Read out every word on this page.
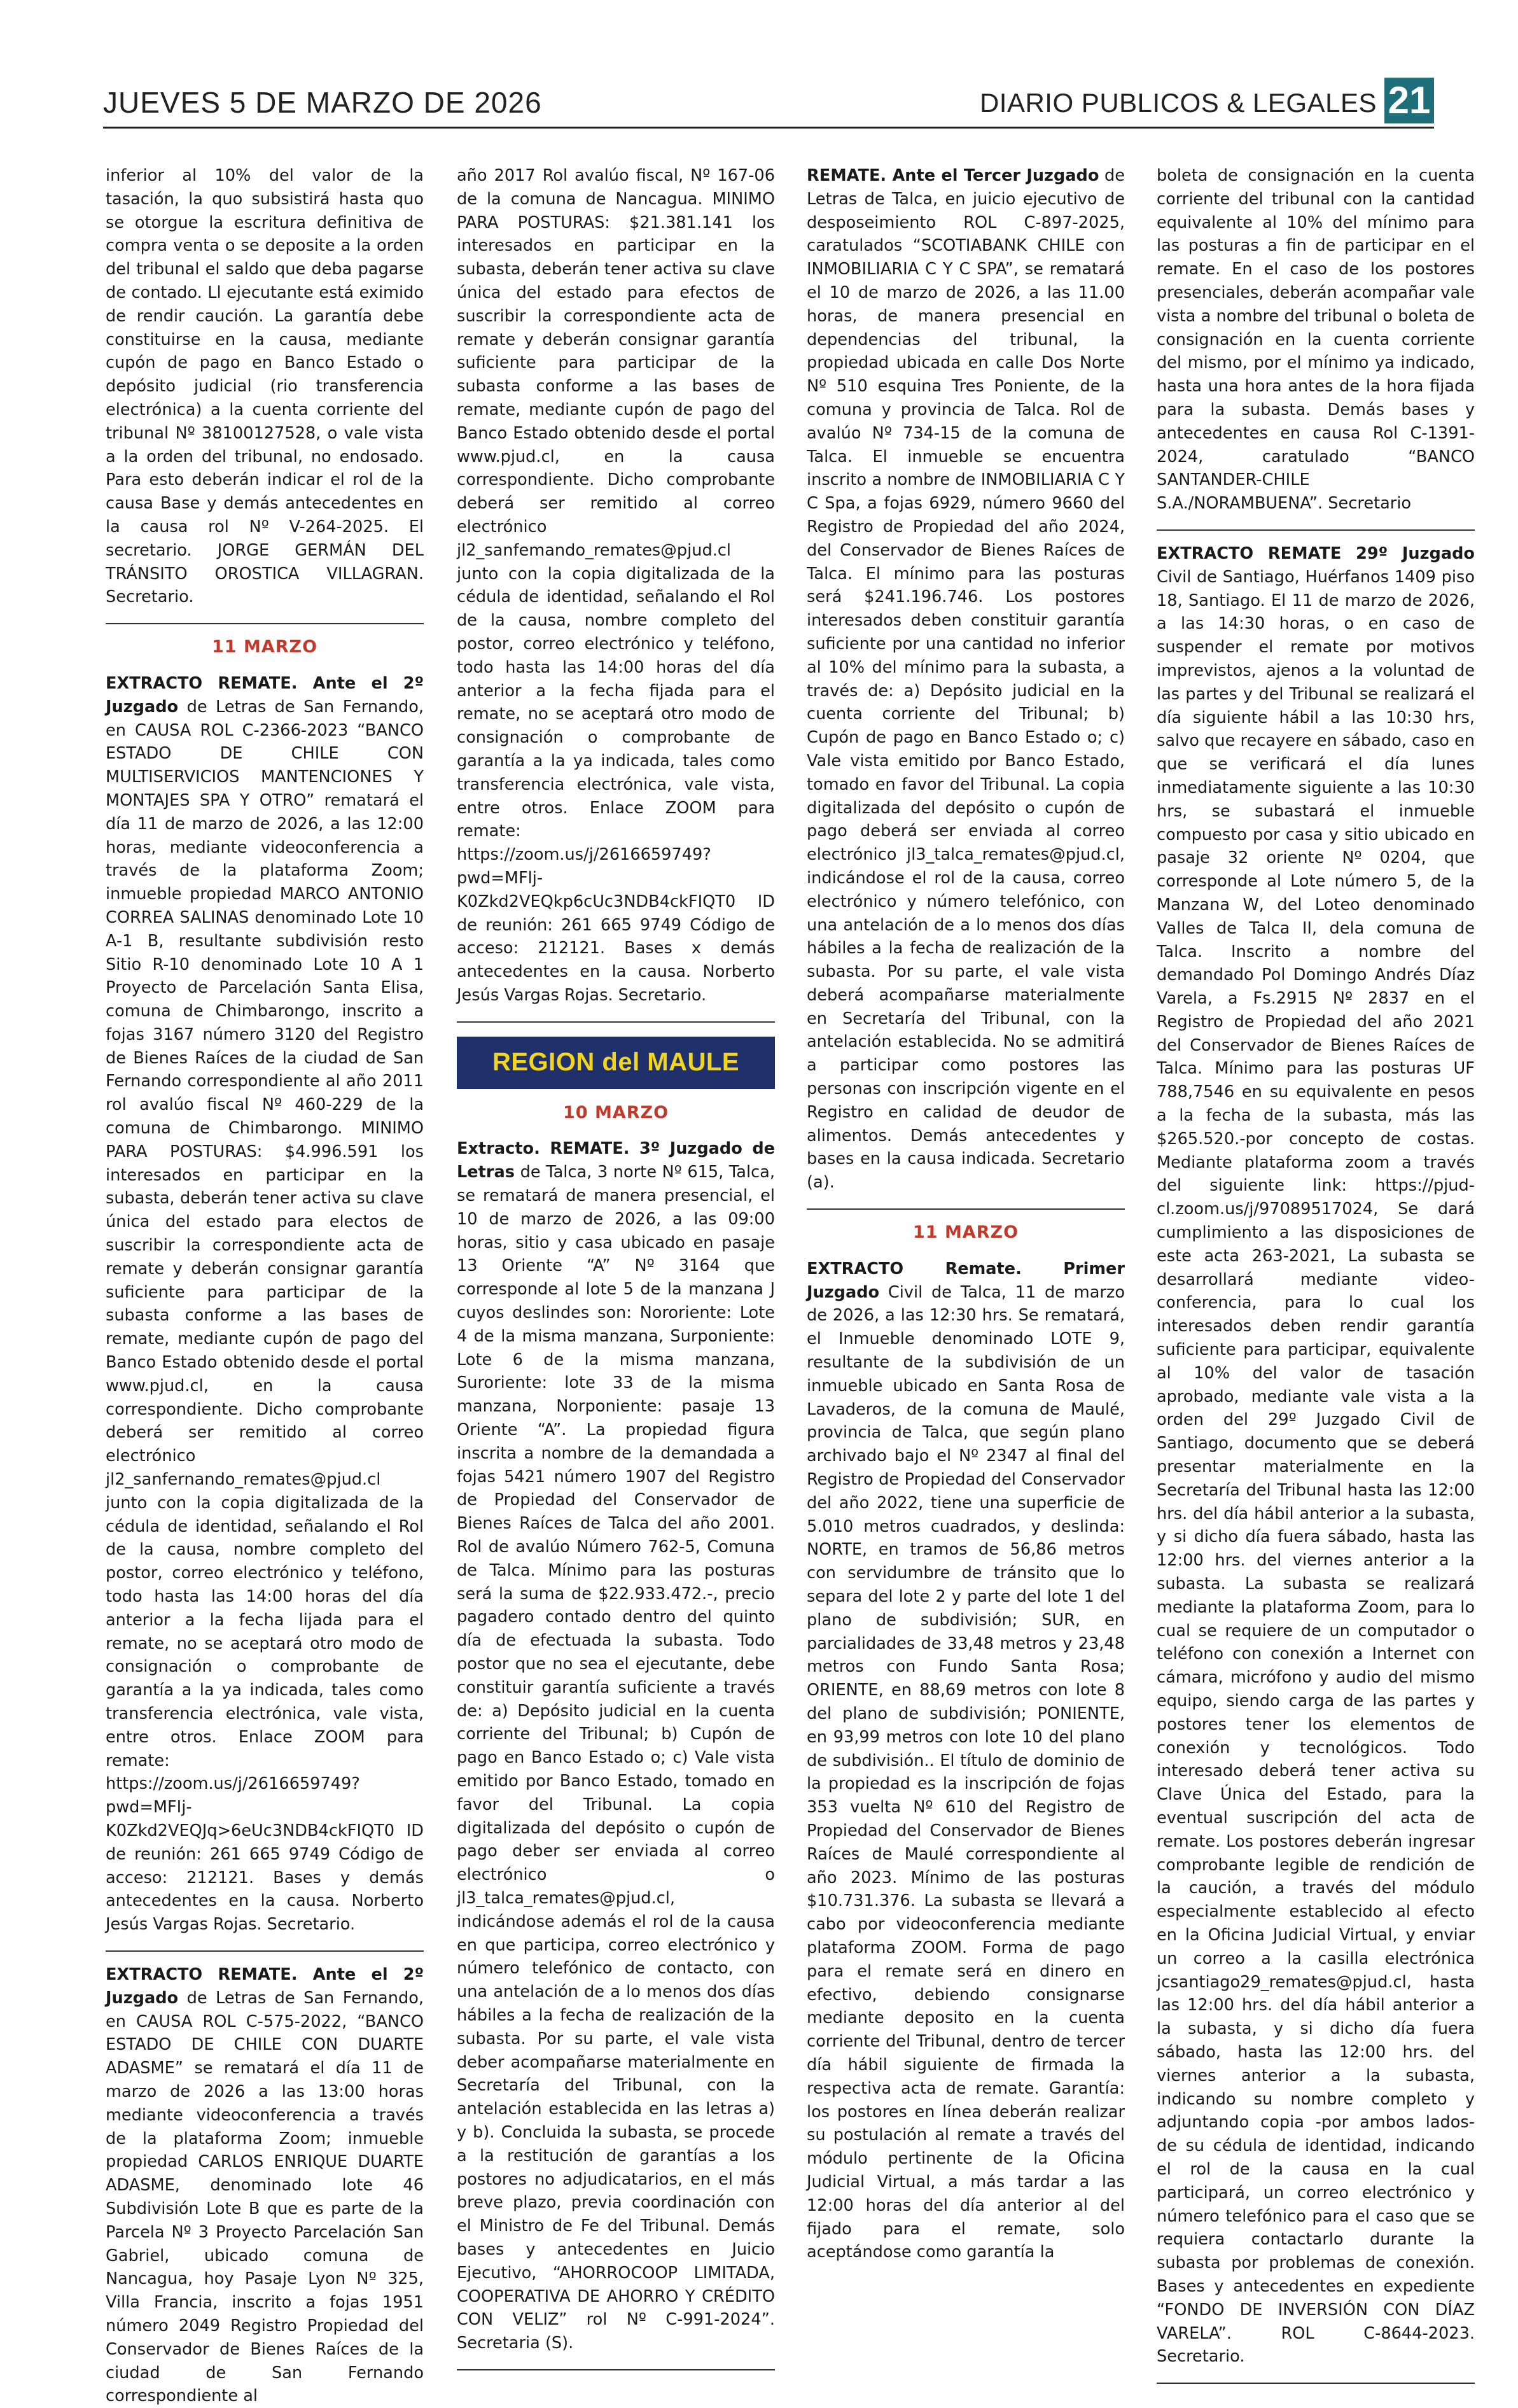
JUEVES 5 DE MARZO DE 2026	DIARIO PUBLICOS & LEGALES 21

inferior al 10% del valor de la tasación, la quo subsistirá hasta quo se otorgue la escritura definitiva de compra venta o se deposite a la orden del tribunal el saldo que deba pagarse de contado. Ll ejecutante está eximido de rendir caución. La garantía debe constituirse en la causa, mediante cupón de pago en Banco Estado o depósito judicial (rio transferencia electrónica) a la cuenta corriente del tribunal Nº 38100127528, o vale vista a la orden del tribunal, no endosado. Para esto deberán indicar el rol de la causa Base y demás antecedentes en la causa rol Nº V-264-2025. El secretario. JORGE GERMÁN DEL TRÁNSITO OROSTICA VILLAGRAN. Secretario.

11 MARZO

EXTRACTO REMATE. Ante el 2º Juzgado de Letras de San Fernando, en CAUSA ROL C-2366-2023 “BANCO ESTADO DE CHILE CON MULTISERVICIOS MANTENCIONES Y MONTAJES SPA Y OTRO” rematará el día 11 de marzo de 2026, a las 12:00 horas, mediante videoconferencia a través de la plataforma Zoom; inmueble propiedad MARCO ANTONIO CORREA SALINAS denominado Lote 10 A-1 B, resultante subdivisión resto Sitio R-10 denominado Lote 10 A 1 Proyecto de Parcelación Santa Elisa, comuna de Chimbarongo, inscrito a fojas 3167 número 3120 del Registro de Bienes Raíces de la ciudad de San Fernando correspondiente al año 2011 rol avalúo fiscal Nº 460-229 de la comuna de Chimbarongo. MINIMO PARA POSTURAS: $4.996.591 los interesados en participar en la subasta, deberán tener activa su clave única del estado para electos de suscribir la correspondiente acta de remate y deberán consignar garantía suficiente para participar de la subasta conforme a las bases de remate, mediante cupón de pago del Banco Estado obtenido desde el portal www.pjud.cl, en la causa correspondiente. Dicho comprobante deberá ser remitido al correo electrónico jl2_sanfernando_remates@pjud.cl junto con la copia digitalizada de la cédula de identidad, señalando el Rol de la causa, nombre completo del postor, correo electrónico y teléfono, todo hasta las 14:00 horas del día anterior a la fecha lijada para el remate, no se aceptará otro modo de consignación o comprobante de garantía a la ya indicada, tales como transferencia electrónica, vale vista, entre otros. Enlace ZOOM para remate: https://zoom.us/j/2616659749?pwd=MFIj-K0Zkd2VEQJq>6eUc3NDB4ckFIQT0 ID de reunión: 261 665 9749 Código de acceso: 212121. Bases y demás antecedentes en la causa. Norberto Jesús Vargas Rojas. Secretario.

EXTRACTO REMATE. Ante el 2º Juzgado de Letras de San Fernando, en CAUSA ROL C-575-2022, “BANCO ESTADO DE CHILE CON DUARTE ADASME” se rematará el día 11 de marzo de 2026 a las 13:00 horas mediante videoconferencia a través de la plataforma Zoom; inmueble propiedad CARLOS ENRIQUE DUARTE ADASME, denominado lote 46 Subdivisión Lote B que es parte de la Parcela Nº 3 Proyecto Parcelación San Gabriel, ubicado comuna de Nancagua, hoy Pasaje Lyon Nº 325, Villa Francia, inscrito a fojas 1951 número 2049 Registro Propiedad del Conservador de Bienes Raíces de la ciudad de San Fernando correspondiente al

año 2017 Rol avalúo fiscal, Nº 167-06 de la comuna de Nancagua. MINIMO PARA POSTURAS: $21.381.141 los interesados en participar en la subasta, deberán tener activa su clave única del estado para efectos de suscribir la correspondiente acta de remate y deberán consignar garantía suficiente para participar de la subasta conforme a las bases de remate, mediante cupón de pago del Banco Estado obtenido desde el portal www.pjud.cl, en la causa correspondiente. Dicho comprobante deberá ser remitido al correo electrónico jl2_sanfemando_remates@pjud.cl junto con la copia digitalizada de la cédula de identidad, señalando el Rol de la causa, nombre completo del postor, correo electrónico y teléfono, todo hasta las 14:00 horas del día anterior a la fecha fijada para el remate, no se aceptará otro modo de consignación o comprobante de garantía a la ya indicada, tales como transferencia electrónica, vale vista, entre otros. Enlace ZOOM para remate: https://zoom.us/j/2616659749?pwd=MFlj-K0Zkd2VEQkp6cUc3NDB4ckFIQT0 ID de reunión: 261 665 9749 Código de acceso: 212121. Bases x demás antecedentes en la causa. Norberto Jesús Vargas Rojas. Secretario.

REGION del MAULE
10 MARZO

Extracto. REMATE. 3º Juzgado de Letras de Talca, 3 norte Nº 615, Talca, se rematará de manera presencial, el 10 de marzo de 2026, a las 09:00 horas, sitio y casa ubicado en pasaje 13 Oriente “A” Nº 3164 que corresponde al lote 5 de la manzana J cuyos deslindes son: Nororiente: Lote 4 de la misma manzana, Surponiente: Lote 6 de la misma manzana, Suroriente: lote 33 de la misma manzana, Norponiente: pasaje 13 Oriente “A”. La propiedad figura inscrita a nombre de la demandada a fojas 5421 número 1907 del Registro de Propiedad del Conservador de Bienes Raíces de Talca del año 2001. Rol de avalúo Número 762-5, Comuna de Talca. Mínimo para las posturas será la suma de $22.933.472.-, precio pagadero contado dentro del quinto día de efectuada la subasta. Todo postor que no sea el ejecutante, debe constituir garantía suficiente a través de: a) Depósito judicial en la cuenta corriente del Tribunal; b) Cupón de pago en Banco Estado o; c) Vale vista emitido por Banco Estado, tomado en favor del Tribunal. La copia digitalizada del depósito o cupón de pago deber ser enviada al correo electrónico o jl3_talca_remates@pjud.cl, indicándose además el rol de la causa en que participa, correo electrónico y número telefónico de contacto, con una antelación de a lo menos dos días hábiles a la fecha de realización de la subasta. Por su parte, el vale vista deber acompañarse materialmente en Secretaría del Tribunal, con la antelación establecida en las letras a) y b). Concluida la subasta, se procede a la restitución de garantías a los postores no adjudicatarios, en el más breve plazo, previa coordinación con el Ministro de Fe del Tribunal. Demás bases y antecedentes en Juicio Ejecutivo, “AHORROCOOP LIMITADA, COOPERATIVA DE AHORRO Y CRÉDITO CON VELIZ” rol Nº C-991-2024”. Secretaria (S).

REMATE. Ante el Tercer Juzgado de Letras de Talca, en juicio ejecutivo de desposeimiento ROL C-897-2025, caratulados “SCOTIABANK CHILE con INMOBILIARIA C Y C SPA”, se rematará el 10 de marzo de 2026, a las 11.00 horas, de manera presencial en dependencias del tribunal, la propiedad ubicada en calle Dos Norte Nº 510 esquina Tres Poniente, de la comuna y provincia de Talca. Rol de avalúo Nº 734-15 de la comuna de Talca. El inmueble se encuentra inscrito a nombre de INMOBILIARIA C Y C Spa, a fojas 6929, número 9660 del Registro de Propiedad del año 2024, del Conservador de Bienes Raíces de Talca. El mínimo para las posturas será $241.196.746. Los postores interesados deben constituir garantía suficiente por una cantidad no inferior al 10% del mínimo para la subasta, a través de: a) Depósito judicial en la cuenta corriente del Tribunal; b) Cupón de pago en Banco Estado o; c) Vale vista emitido por Banco Estado, tomado en favor del Tribunal. La copia digitalizada del depósito o cupón de pago deberá ser enviada al correo electrónico jl3_talca_remates@pjud.cl, indicándose el rol de la causa, correo electrónico y número telefónico, con una antelación de a lo menos dos días hábiles a la fecha de realización de la subasta. Por su parte, el vale vista deberá acompañarse materialmente en Secretaría del Tribunal, con la antelación establecida. No se admitirá a participar como postores las personas con inscripción vigente en el Registro en calidad de deudor de alimentos. Demás antecedentes y bases en la causa indicada. Secretario (a).

11 MARZO

EXTRACTO Remate. Primer Juzgado Civil de Talca, 11 de marzo de 2026, a las 12:30 hrs. Se rematará, el Inmueble denominado LOTE 9, resultante de la subdivisión de un inmueble ubicado en Santa Rosa de Lavaderos, de la comuna de Maulé, provincia de Talca, que según plano archivado bajo el Nº 2347 al final del Registro de Propiedad del Conservador del año 2022, tiene una superficie de 5.010 metros cuadrados, y deslinda: NORTE, en tramos de 56,86 metros con servidumbre de tránsito que lo separa del lote 2 y parte del lote 1 del plano de subdivisión; SUR, en parcialidades de 33,48 metros y 23,48 metros con Fundo Santa Rosa; ORIENTE, en 88,69 metros con lote 8 del plano de subdivisión; PONIENTE, en 93,99 metros con lote 10 del plano de subdivisión.. El título de dominio de la propiedad es la inscripción de fojas 353 vuelta Nº 610 del Registro de Propiedad del Conservador de Bienes Raíces de Maulé correspondiente al año 2023. Mínimo de las posturas $10.731.376. La subasta se llevará a cabo por videoconferencia mediante plataforma ZOOM. Forma de pago para el remate será en dinero en efectivo, debiendo consignarse mediante deposito en la cuenta corriente del Tribunal, dentro de tercer día hábil siguiente de firmada la respectiva acta de remate. Garantía: los postores en línea deberán realizar su postulación al remate a través del módulo pertinente de la Oficina Judicial Virtual, a más tardar a las 12:00 horas del día anterior al del fijado para el remate, solo aceptándose como garantía la

boleta de consignación en la cuenta corriente del tribunal con la cantidad equivalente al 10% del mínimo para las posturas a fin de participar en el remate. En el caso de los postores presenciales, deberán acompañar vale vista a nombre del tribunal o boleta de consignación en la cuenta corriente del mismo, por el mínimo ya indicado, hasta una hora antes de la hora fijada para la subasta. Demás bases y antecedentes en causa Rol C-1391-2024, caratulado “BANCO SANTANDER-CHILE S.A./NORAMBUENA”. Secretario

EXTRACTO REMATE 29º Juzgado Civil de Santiago, Huérfanos 1409 piso 18, Santiago. El 11 de marzo de 2026, a las 14:30 horas, o en caso de suspender el remate por motivos imprevistos, ajenos a la voluntad de las partes y del Tribunal se realizará el día siguiente hábil a las 10:30 hrs, salvo que recayere en sábado, caso en que se verificará el día lunes inmediatamente siguiente a las 10:30 hrs, se subastará el inmueble compuesto por casa y sitio ubicado en pasaje 32 oriente Nº 0204, que corresponde al Lote número 5, de la Manzana W, del Loteo denominado Valles de Talca II, dela comuna de Talca. Inscrito a nombre del demandado Pol Domingo Andrés Díaz Varela, a Fs.2915 Nº 2837 en el Registro de Propiedad del año 2021 del Conservador de Bienes Raíces de Talca. Mínimo para las posturas UF 788,7546 en su equivalente en pesos a la fecha de la subasta, más las $265.520.-por concepto de costas. Mediante plataforma zoom a través del siguiente link: https://pjud-cl.zoom.us/j/97089517024, Se dará cumplimiento a las disposiciones de este acta 263-2021, La subasta se desarrollará mediante video-conferencia, para lo cual los interesados deben rendir garantía suficiente para participar, equivalente al 10% del valor de tasación aprobado, mediante vale vista a la orden del 29º Juzgado Civil de Santiago, documento que se deberá presentar materialmente en la Secretaría del Tribunal hasta las 12:00 hrs. del día hábil anterior a la subasta, y si dicho día fuera sábado, hasta las 12:00 hrs. del viernes anterior a la subasta. La subasta se realizará mediante la plataforma Zoom, para lo cual se requiere de un computador o teléfono con conexión a Internet con cámara, micrófono y audio del mismo equipo, siendo carga de las partes y postores tener los elementos de conexión y tecnológicos. Todo interesado deberá tener activa su Clave Única del Estado, para la eventual suscripción del acta de remate. Los postores deberán ingresar comprobante legible de rendición de la caución, a través del módulo especialmente establecido al efecto en la Oficina Judicial Virtual, y enviar un correo a la casilla electrónica jcsantiago29_remates@pjud.cl, hasta las 12:00 hrs. del día hábil anterior a la subasta, y si dicho día fuera sábado, hasta las 12:00 hrs. del viernes anterior a la subasta, indicando su nombre completo y adjuntando copia -por ambos lados- de su cédula de identidad, indicando el rol de la causa en la cual participará, un correo electrónico y número telefónico para el caso que se requiera contactarlo durante la subasta por problemas de conexión. Bases y antecedentes en expediente “FONDO DE INVERSIÓN CON DÍAZ VARELA”. ROL C-8644-2023. Secretario.
